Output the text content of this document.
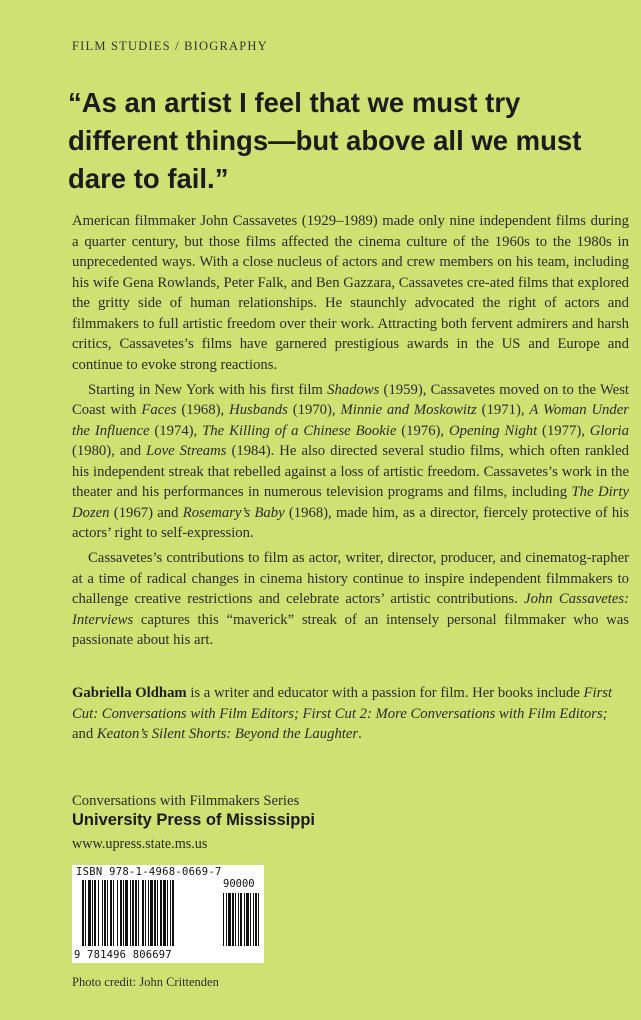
FILM STUDIES / BIOGRAPHY
“As an artist I feel that we must try different things—but above all we must dare to fail.”

American filmmaker John Cassavetes (1929–1989) made only nine independent films during a quarter century, but those films affected the cinema culture of the 1960s to the 1980s in unprecedented ways. With a close nucleus of actors and crew members on his team, including his wife Gena Rowlands, Peter Falk, and Ben Gazzara, Cassavetes cre-ated films that explored the gritty side of human relationships. He staunchly advocated the right of actors and filmmakers to full artistic freedom over their work. Attracting both fervent admirers and harsh critics, Cassavetes’s films have garnered prestigious awards in the US and Europe and continue to evoke strong reactions.

Starting in New York with his first film Shadows (1959), Cassavetes moved on to the West Coast with Faces (1968), Husbands (1970), Minnie and Moskowitz (1971), A Woman Under the Influence (1974), The Killing of a Chinese Bookie (1976), Opening Night (1977), Gloria (1980), and Love Streams (1984). He also directed several studio films, which often rankled his independent streak that rebelled against a loss of artistic freedom. Cassavetes’s work in the theater and his performances in numerous television programs and films, including The Dirty Dozen (1967) and Rosemary’s Baby (1968), made him, as a director, fiercely protective of his actors’ right to self-expression.

Cassavetes’s contributions to film as actor, writer, director, producer, and cinematog-rapher at a time of radical changes in cinema history continue to inspire independent filmmakers to challenge creative restrictions and celebrate actors’ artistic contributions. John Cassavetes: Interviews captures this “maverick” streak of an intensely personal filmmaker who was passionate about his art.

Gabriella Oldham is a writer and educator with a passion for film. Her books include First Cut: Conversations with Film Editors; First Cut 2: More Conversations with Film Editors; and Keaton’s Silent Shorts: Beyond the Laughter.
Conversations with Filmmakers Series
University Press of Mississippi
www.upress.state.ms.us
ISBN 978-1-4968-0669-7
90000
9 781496 806697
Photo credit: John Crittenden
